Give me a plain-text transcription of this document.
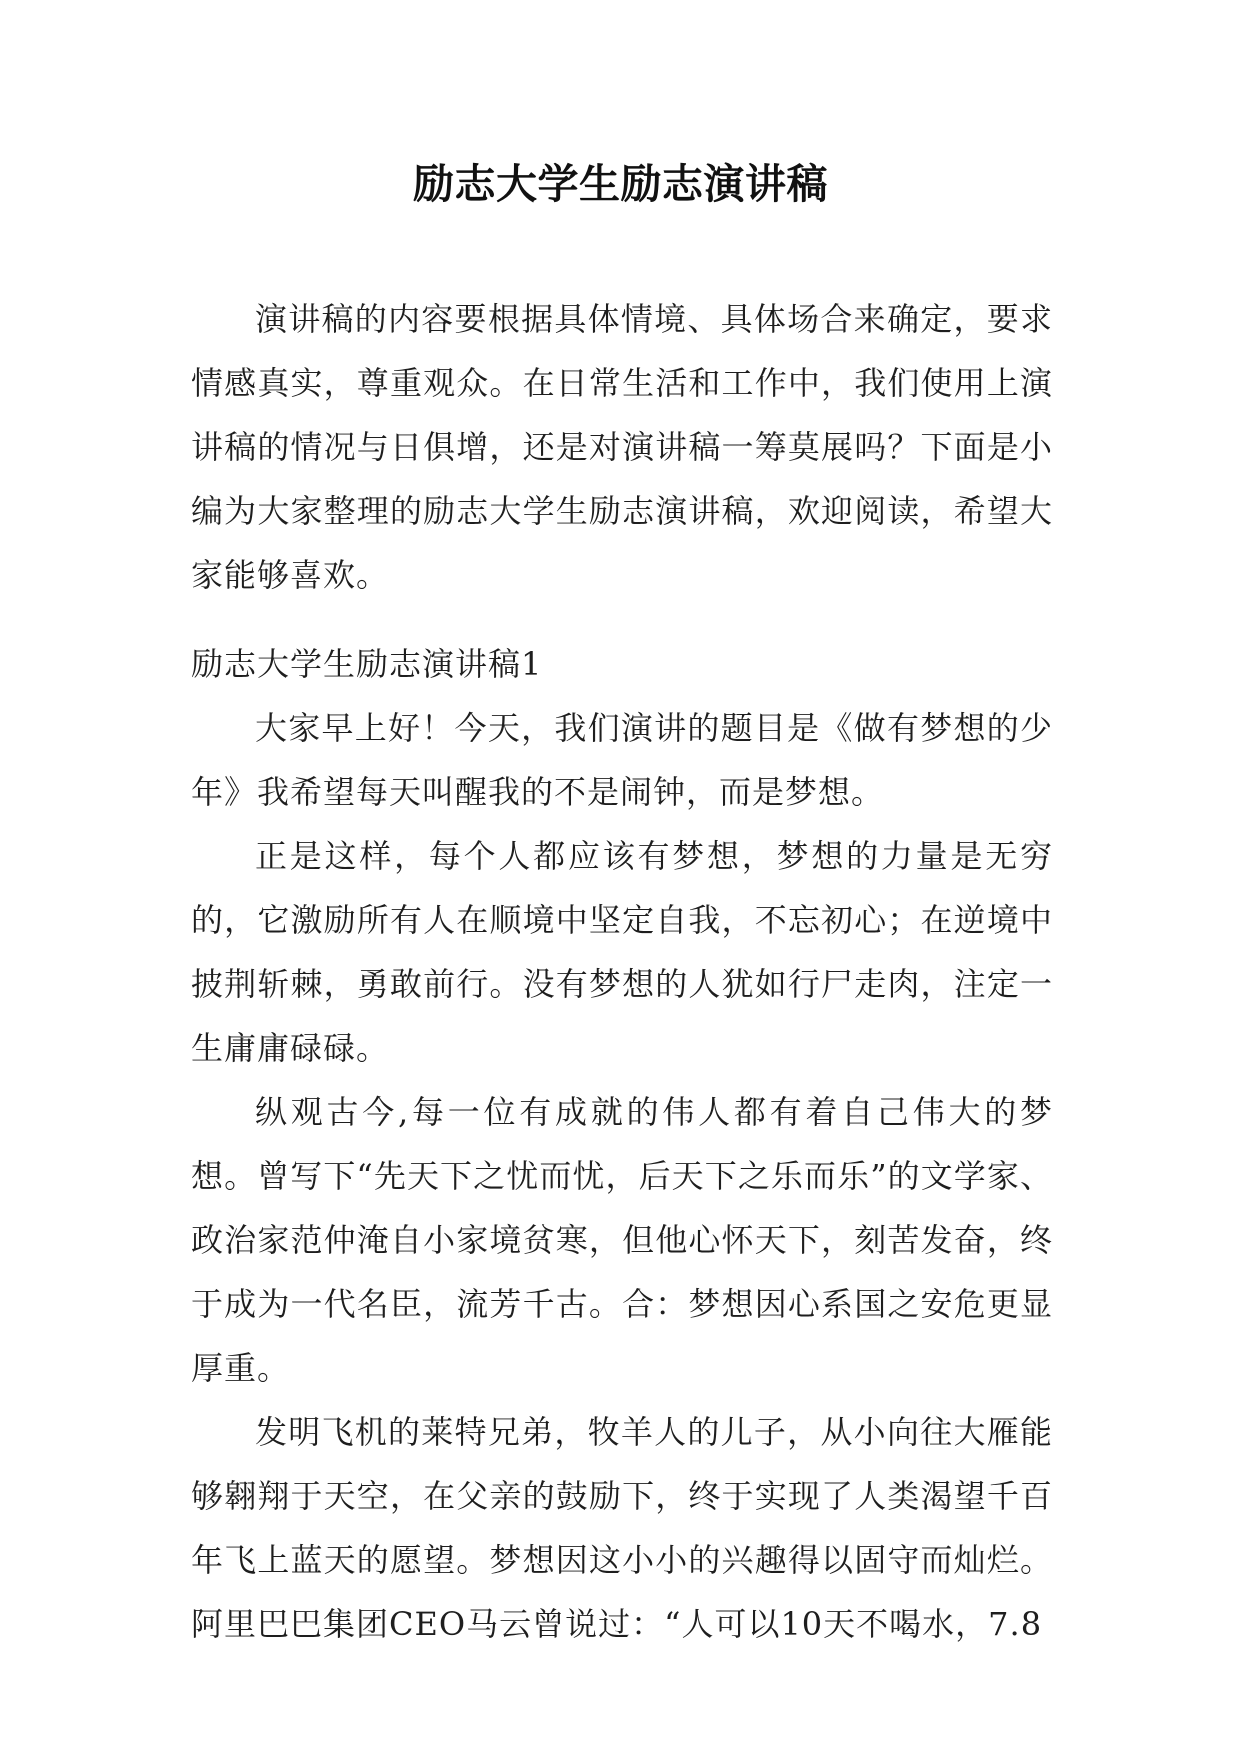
励志大学生励志演讲稿

演讲稿的内容要根据具体情境、具体场合来确定，要求情感真实，尊重观众。在日常生活和工作中，我们使用上演讲稿的情况与日俱增，还是对演讲稿一筹莫展吗？下面是小编为大家整理的励志大学生励志演讲稿，欢迎阅读，希望大家能够喜欢。

励志大学生励志演讲稿1

大家早上好！今天，我们演讲的题目是《做有梦想的少年》我希望每天叫醒我的不是闹钟，而是梦想。

正是这样，每个人都应该有梦想，梦想的力量是无穷的，它激励所有人在顺境中坚定自我，不忘初心；在逆境中披荆斩棘，勇敢前行。没有梦想的人犹如行尸走肉，注定一生庸庸碌碌。

纵观古今,每一位有成就的伟人都有着自己伟大的梦想。曾写下“先天下之忧而忧，后天下之乐而乐”的文学家、政治家范仲淹自小家境贫寒，但他心怀天下，刻苦发奋，终于成为一代名臣，流芳千古。合：梦想因心系国之安危更显厚重。

发明飞机的莱特兄弟，牧羊人的儿子，从小向往大雁能够翱翔于天空，在父亲的鼓励下，终于实现了人类渴望千百年飞上蓝天的愿望。梦想因这小小的兴趣得以固守而灿烂。阿里巴巴集团CEO马云曾说过：“人可以10天不喝水，7.8
